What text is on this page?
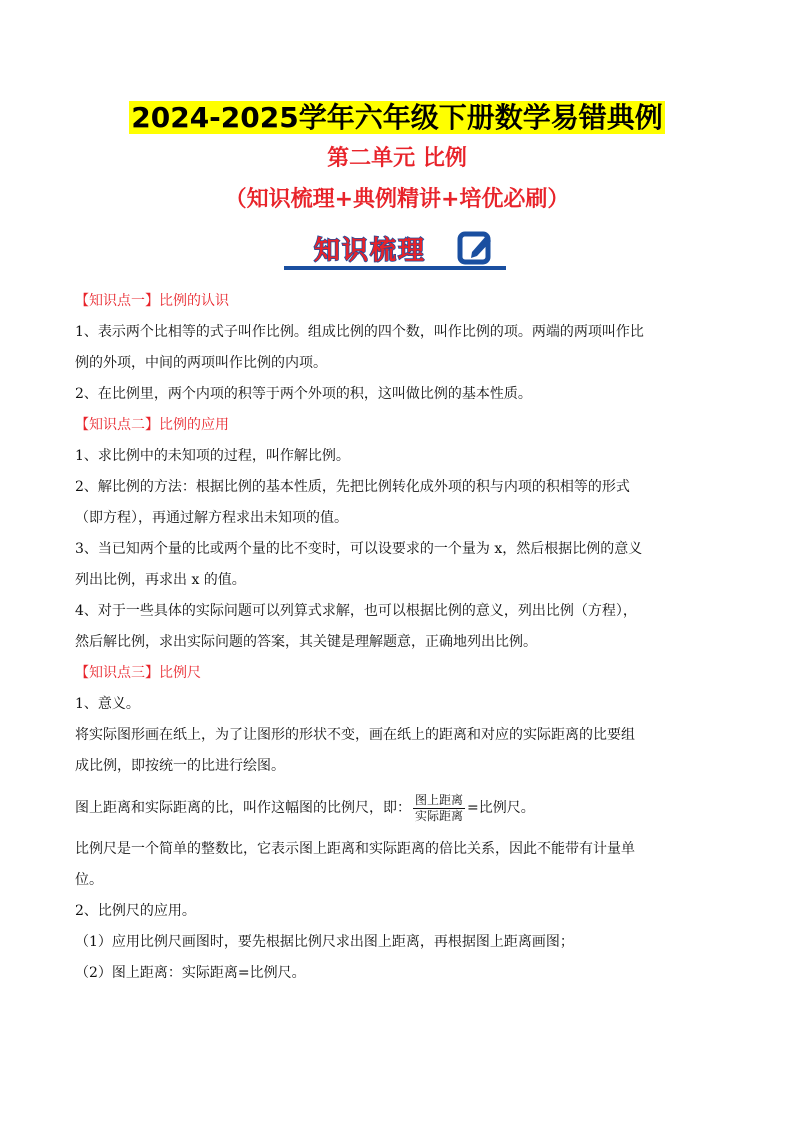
2024-2025学年六年级下册数学易错典例
第二单元 比例
（知识梳理+典例精讲+培优必刷）
知识梳理

【知识点一】比例的认识

1、表示两个比相等的式子叫作比例。组成比例的四个数，叫作比例的项。两端的两项叫作比

例的外项，中间的两项叫作比例的内项。

2、在比例里，两个内项的积等于两个外项的积，这叫做比例的基本性质。

【知识点二】比例的应用

1、求比例中的未知项的过程，叫作解比例。

2、解比例的方法：根据比例的基本性质，先把比例转化成外项的积与内项的积相等的形式

（即方程），再通过解方程求出未知项的值。

3、当已知两个量的比或两个量的比不变时，可以设要求的一个量为 x，然后根据比例的意义

列出比例，再求出 x 的值。

4、对于一些具体的实际问题可以列算式求解，也可以根据比例的意义，列出比例（方程），

然后解比例，求出实际问题的答案，其关键是理解题意，正确地列出比例。

【知识点三】比例尺

1、意义。

将实际图形画在纸上，为了让图形的形状不变，画在纸上的距离和对应的实际距离的比要组

成比例，即按统一的比进行绘图。

图上距离和实际距离的比，叫作这幅图的比例尺，即： $\frac{\text{图上距离}}{\text{实际距离}}$ =比例尺。

比例尺是一个简单的整数比，它表示图上距离和实际距离的倍比关系，因此不能带有计量单

位。

2、比例尺的应用。

（1）应用比例尺画图时，要先根据比例尺求出图上距离，再根据图上距离画图；

（2）图上距离：实际距离=比例尺。
